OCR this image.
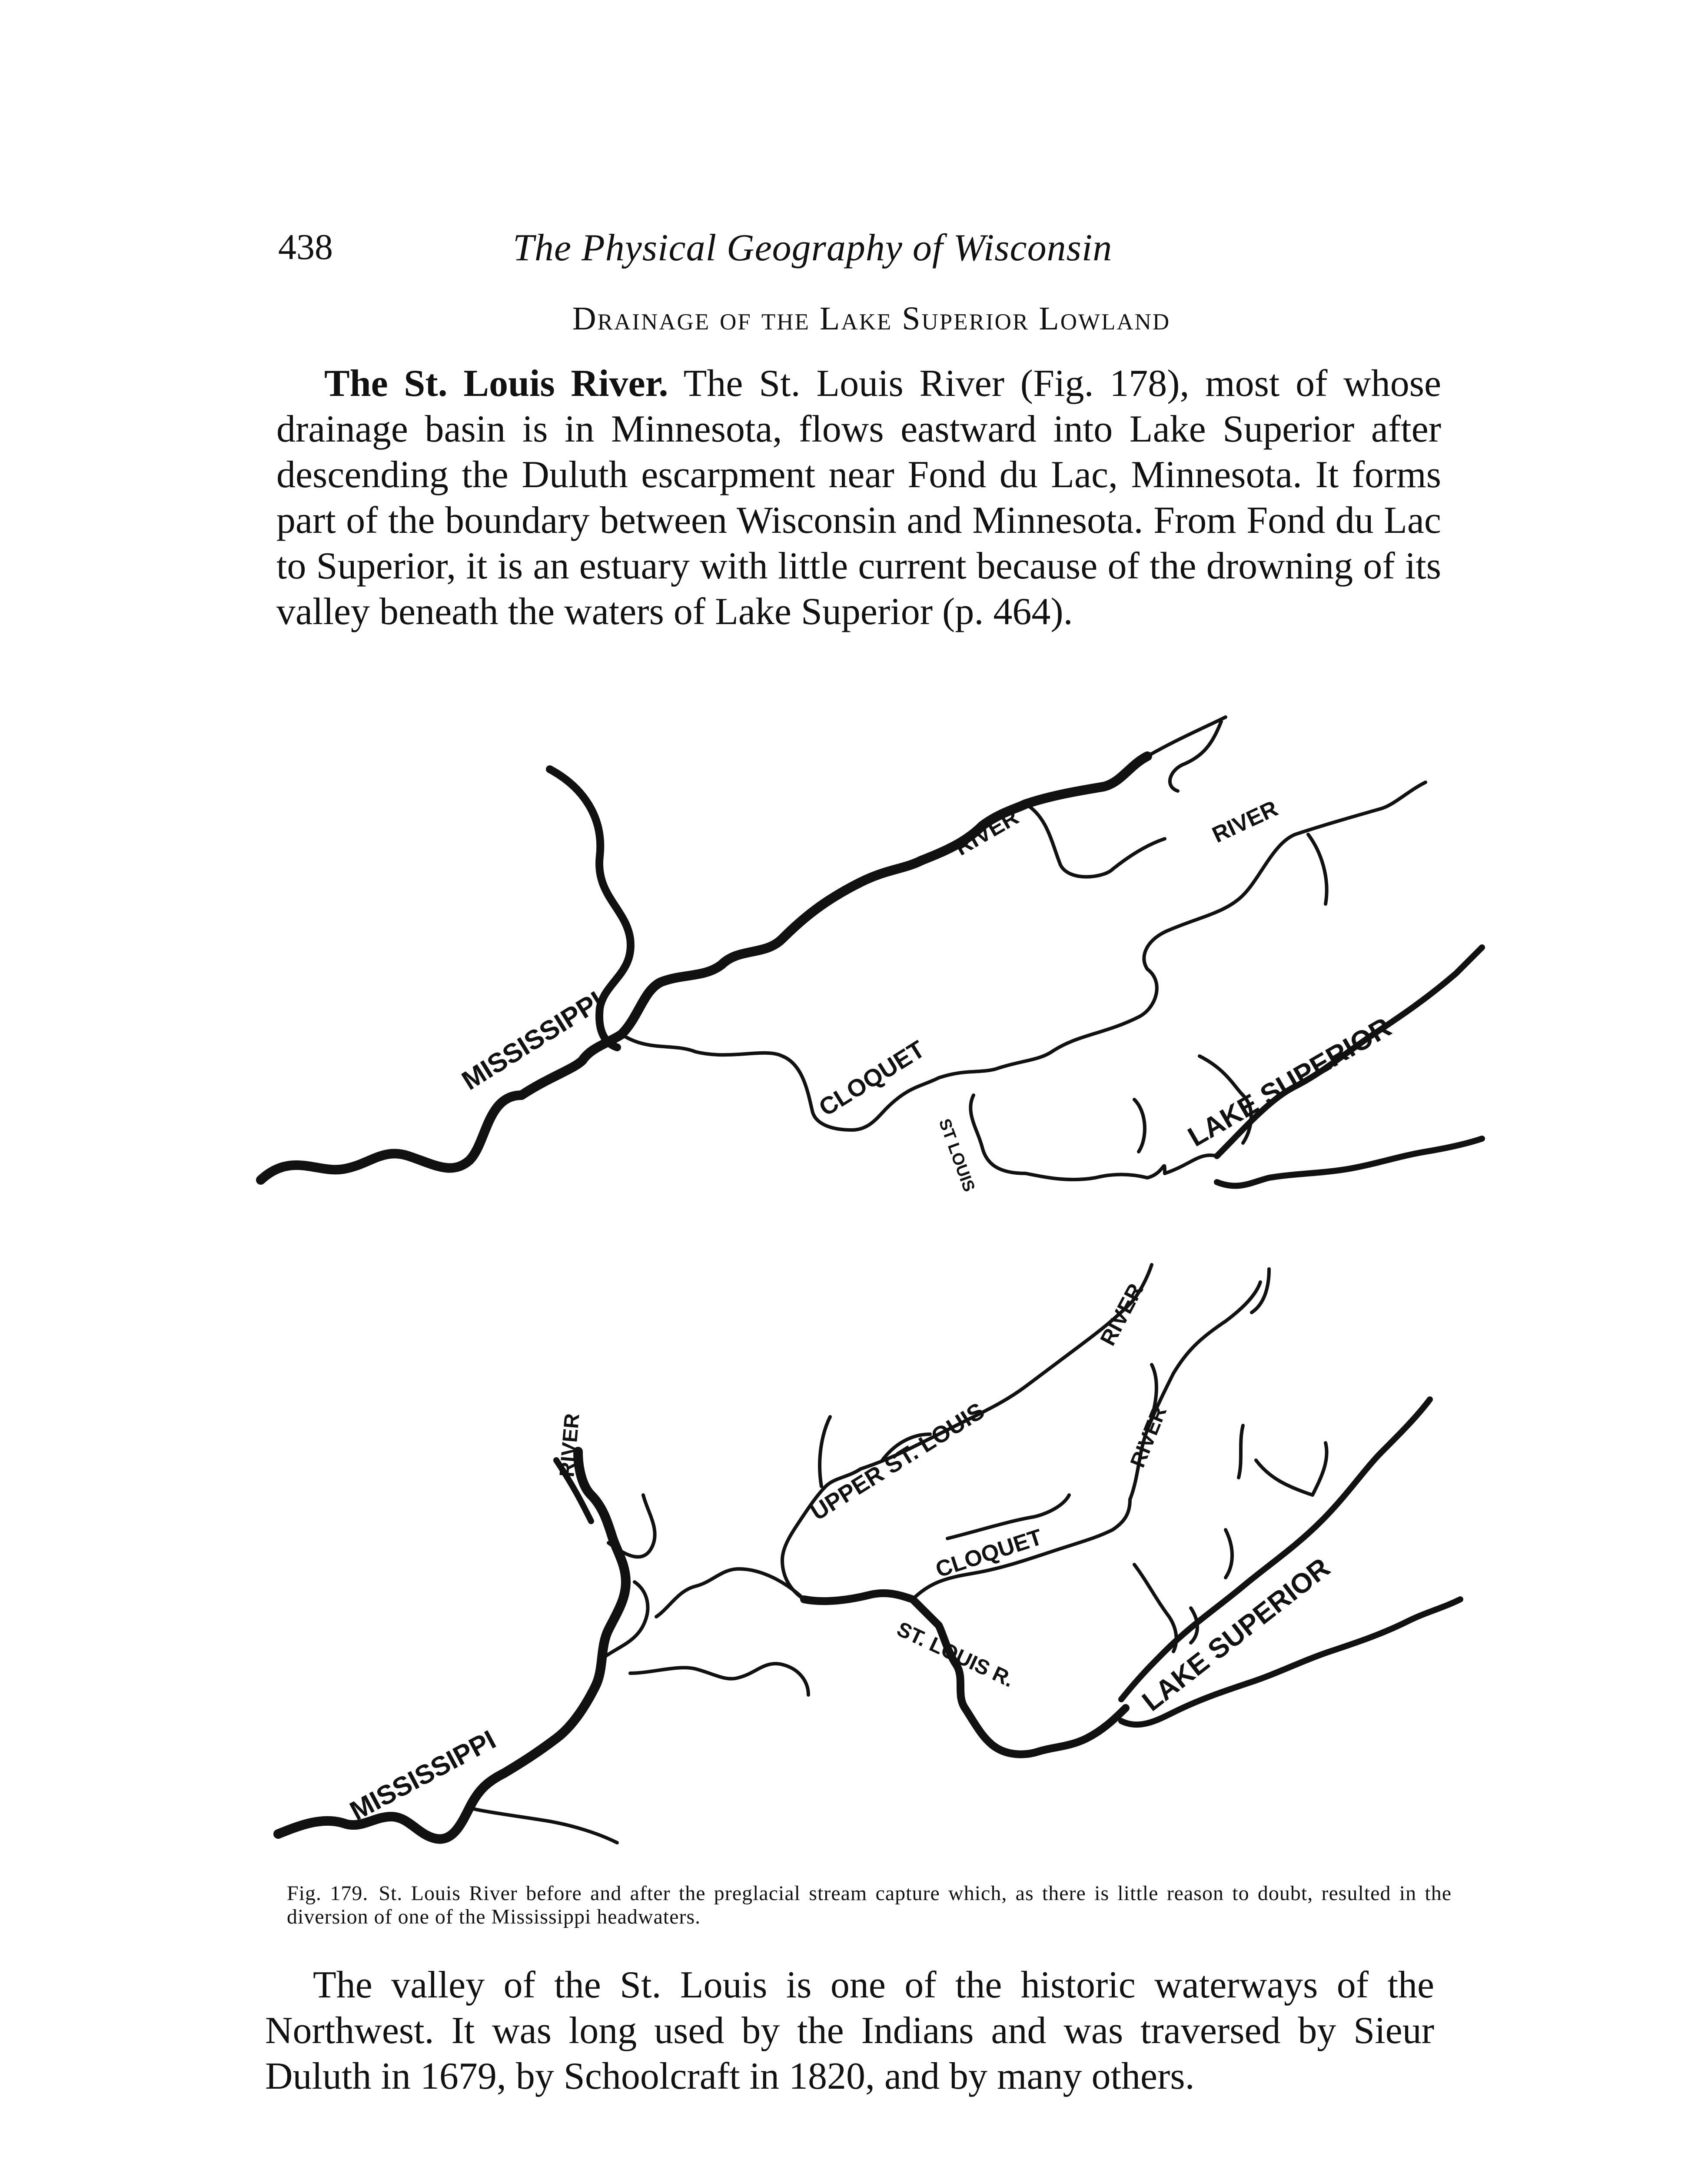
438	The Physical Geography of Wisconsin
Drainage of the Lake Superior Lowland
The St. Louis River. The St. Louis River (Fig. 178), most of whose drainage basin is in Minnesota, flows eastward into Lake Superior after descending the Duluth escarpment near Fond du Lac, Minnesota. It forms part of the boundary between Wisconsin and Minnesota. From Fond du Lac to Superior, it is an estuary with little current because of the drowning of its valley beneath the waters of Lake Superior (p. 464).
MISSISSIPPI
RIVER	RIVER
CLOQUET
ST LOUIS
LAKE SUPERIOR
RIVER
MISSISSIPPI
UPPER ST. LOUIS
RIVER
RIVER
CLOQUET
ST. LOUIS R.	LAKE SUPERIOR
Fig. 179. St. Louis River before and after the preglacial stream capture which, as there is little reason to doubt, resulted in the diversion of one of the Mississippi headwaters.
The valley of the St. Louis is one of the historic waterways of the Northwest. It was long used by the Indians and was traversed by Sieur Duluth in 1679, by Schoolcraft in 1820, and by many others.
